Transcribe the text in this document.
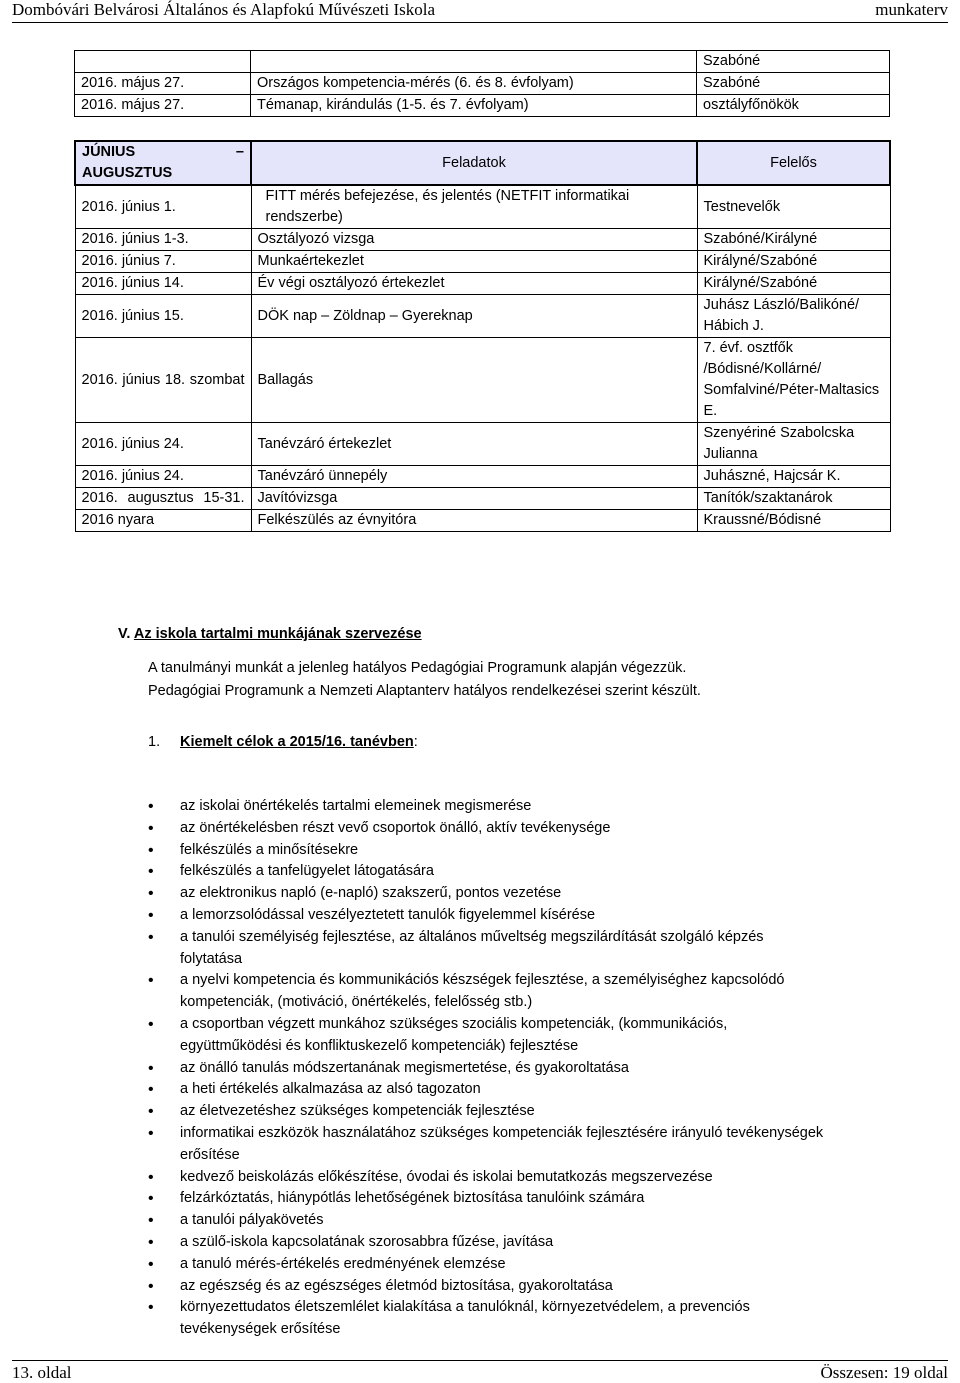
Dombóvári Belvárosi Általános és Alapfokú Művészeti Iskola	munkaterv
		Szabóné
2016. május 27.	Országos kompetencia-mérés (6. és 8. évfolyam)	Szabóné
2016. május 27.	Témanap, kirándulás (1-5. és 7. évfolyam)	osztályfőnökök
JÚNIUS –
AUGUSZTUS	Feladatok	Felelős
2016. június 1.	FITT mérés befejezése, és jelentés (NETFIT informatikai rendszerbe)	Testnevelők
2016. június 1-3.	Osztályozó vizsga	Szabóné/Királyné
2016. június 7.	Munkaértekezlet	Királyné/Szabóné
2016. június 14.	Év végi osztályozó értekezlet	Királyné/Szabóné
2016. június 15.	DÖK nap – Zöldnap – Gyereknap	Juhász László/Balikóné/ Hábich J.
2016. június 18. szombat	Ballagás	7. évf. osztfők /Bódisné/Kollárné/ Somfalviné/Péter-Maltasics E.
2016. június 24.	Tanévzáró értekezlet	Szenyériné Szabolcska Julianna
2016. június 24.	Tanévzáró ünnepély	Juhászné, Hajcsár K.
2016. augusztus 15-31.	Javítóvizsga	Tanítók/szaktanárok
2016 nyara	Felkészülés az évnyitóra	Kraussné/Bódisné
V. Az iskola tartalmi munkájának szervezése
A tanulmányi munkát a jelenleg hatályos Pedagógiai Programunk alapján végezzük.
Pedagógiai Programunk a Nemzeti Alaptanterv hatályos rendelkezései szerint készült.
1. Kiemelt célok a 2015/16. tanévben:
• az iskolai önértékelés tartalmi elemeinek megismerése
• az önértékelésben részt vevő csoportok önálló, aktív tevékenysége
• felkészülés a minősítésekre
• felkészülés a tanfelügyelet látogatására
• az elektronikus napló (e-napló) szakszerű, pontos vezetése
• a lemorzsolódással veszélyeztetett tanulók figyelemmel kísérése
• a tanulói személyiség fejlesztése, az általános műveltség megszilárdítását szolgáló képzés folytatása
• a nyelvi kompetencia és kommunikációs készségek fejlesztése, a személyiséghez kapcsolódó kompetenciák, (motiváció, önértékelés, felelősség stb.)
• a csoportban végzett munkához szükséges szociális kompetenciák, (kommunikációs, együttműködési és konfliktuskezelő kompetenciák) fejlesztése
• az önálló tanulás módszertanának megismertetése, és gyakoroltatása
• a heti értékelés alkalmazása az alsó tagozaton
• az életvezetéshez szükséges kompetenciák fejlesztése
• informatikai eszközök használatához szükséges kompetenciák fejlesztésére irányuló tevékenységek erősítése
• kedvező beiskolázás előkészítése, óvodai és iskolai bemutatkozás megszervezése
• felzárkóztatás, hiánypótlás lehetőségének biztosítása tanulóink számára
• a tanulói pályakövetés
• a szülő-iskola kapcsolatának szorosabbra fűzése, javítása
• a tanuló mérés-értékelés eredményének elemzése
• az egészség és az egészséges életmód biztosítása, gyakoroltatása
• környezettudatos életszemlélet kialakítása a tanulóknál, környezetvédelem, a prevenciós tevékenységek erősítése
13. oldal	Összesen: 19 oldal
